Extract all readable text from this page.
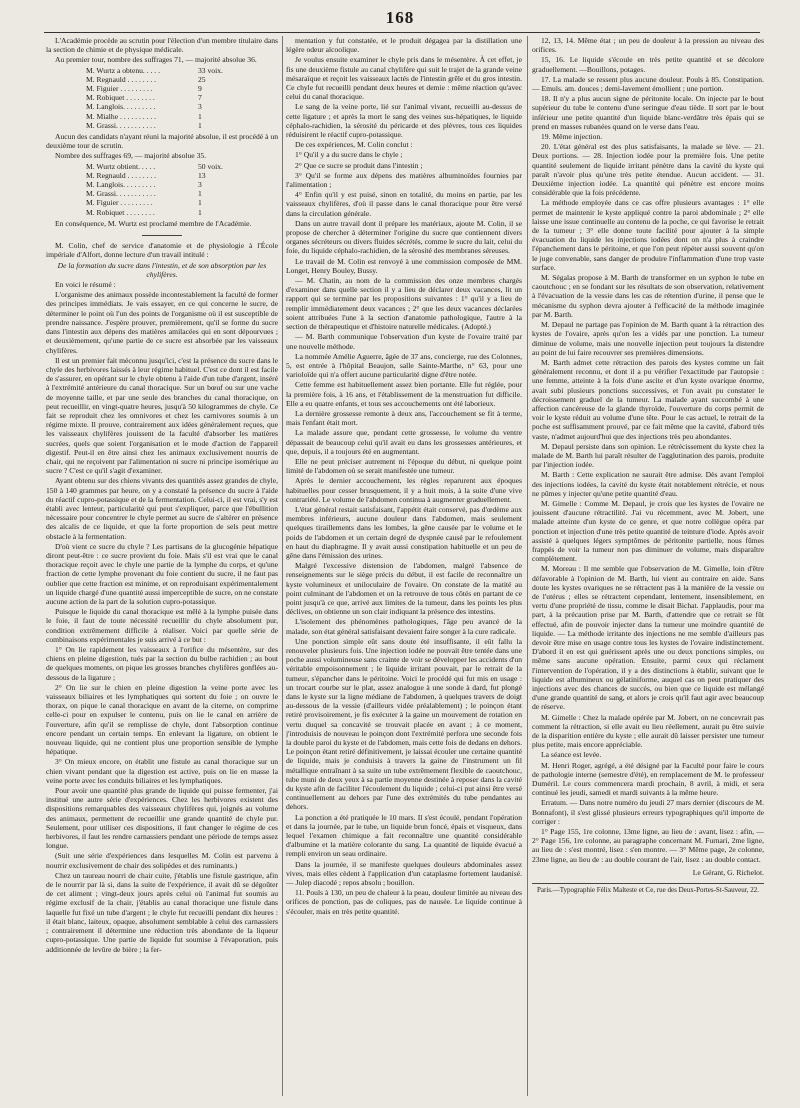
168

L'Académie procède au scrutin pour l'élection d'un membre titulaire dans la section de chimie et de physique médicale.

Au premier tour, nombre des suffrages 71, — majorité absolue 36.

M. Wurtz a obtenu. . . . .	33 voix.
M. Regnauld . . . . . . . .	25
M. Figuier . . . . . . . . .	9
M. Robiquet . . . . . . . .	7
M. Langlois. . . . . . . . .	3
M. Mialhe . . . . . . . . . .	1
M. Grassi. . . . . . . . . . .	1

Aucun des candidats n'ayant réuni la majorité absolue, il est procédé à un deuxième tour de scrutin.

Nombre des suffrages 69, — majorité absolue 35.

M. Wurtz obtient. . . . .	50 voix.
M. Regnauld . . . . . . . .	13
M. Langlois. . . . . . . . .	3
M. Grassi. . . . . . . . . . .	1
M. Figuier . . . . . . . . .	1
M. Robiquet . . . . . . . .	1

En conséquence, M. Wurtz est proclamé membre de l'Académie.

M. Colin, chef de service d'anatomie et de physiologie à l'École impériale d'Alfort, donne lecture d'un travail intitulé :

De la formation du sucre dans l'intestin, et de son absorption par les chylifères.

En voici le résumé :

L'organisme des animaux possède incontestablement la faculté de former des principes immédiats. Je vais essayer, en ce qui concerne le sucre, de déterminer le point où l'un des points de l'organisme où il est susceptible de prendre naissance. J'espère prouver, premièrement, qu'il se forme du sucre dans l'intestin aux dépens des matières amilacées qui en sont dépourvues ; et deuxièmement, qu'une partie de ce sucre est absorbée par les vaisseaux chylifères.

Il est un premier fait méconnu jusqu'ici, c'est la présence du sucre dans le chyle des herbivores laissés à leur régime habituel. C'est ce dont il est facile de s'assurer, en opérant sur le chyle obtenu à l'aide d'un tube d'argent, inséré à l'extrémité antérieure du canal thoracique. Sur un bœuf ou sur une vache de moyenne taille, et par une seule des branches du canal thoracique, on peut recueillir, en vingt-quatre heures, jusqu'à 50 kilogrammes de chyle. Ce fait se reproduit chez les omnivores et chez les carnivores soumis à un régime mixte. Il prouve, contrairement aux idées généralement reçues, que les vaisseaux chylifères jouissent de la faculté d'absorber les matières sucrées, quels que soient l'organisation et le mode d'action de l'appareil digestif. Peut-il en être ainsi chez les animaux exclusivement nourris de chair, qui ne reçoivent par l'alimentation ni sucre ni principe isomérique au sucre ? C'est ce qu'il s'agit d'examiner.

Ayant obtenu sur des chiens vivants des quantités assez grandes de chyle, 150 à 140 grammes par heure, on y a constaté la présence du sucre à l'aide du réactif cupro-potassique et de la fermentation. Celui-ci, il est vrai, s'y est établi avec lenteur, particularité qui peut s'expliquer, parce que l'ébullition nécessaire pour concentrer le chyle permet au sucre de s'altérer en présence des alcalis de ce liquide, et que la forte proportion de sels peut mettre obstacle à la fermentation.

D'où vient ce sucre du chyle ? Les partisans de la glucogénie hépatique diront peut-être : ce sucre provient du foie. Mais s'il est vrai que le canal thoracique reçoit avec le chyle une partie de la lymphe du corps, et qu'une fraction de cette lymphe provenant du foie contient du sucre, il ne faut pas oublier que cette fraction est minime, et on reproduisant expérimentalement un liquide chargé d'une quantité aussi imperceptible de sucre, on ne constate aucune action de la part de la solution cupro-potassique.

Puisque le liquide du canal thoracique est mêlé à la lymphe puisée dans le foie, il faut de toute nécessité recueillir du chyle absolument pur, condition extrêmement difficile à réaliser. Voici par quelle série de combinaisons expérimentales je suis arrivé à ce but :

1° On lie rapidement les vaisseaux à l'orifice du mésentère, sur des chiens en pleine digestion, tués par la section du bulbe rachidien ; au bout de quelques moments, on pique les grosses branches chylifères gonflées au-dessous de la ligature ;

2° On lie sur le chien en pleine digestion la veine porte avec les vaisseaux biliaires et les lymphatiques qui sortent du foie ; on ouvre le thorax, on pique le canal thoracique en avant de la citerne, on comprime celle-ci pour en expulser le contenu, puis on lie le canal en arrière de l'ouverture, afin qu'il se remplisse de chyle, dont l'absorption continue encore pendant un certain temps. En enlevant la ligature, on obtient le nouveau liquide, qui ne contient plus une proportion sensible de lymphe hépatique.

3° On mieux encore, on établit une fistule au canal thoracique sur un chien vivant pendant que la digestion est active, puis on lie en masse la veine porte avec les conduits biliaires et les lymphatiques.

Pour avoir une quantité plus grande de liquide qui puisse fermenter, j'ai institué une autre série d'expériences. Chez les herbivores existent des dispositions remarquables des vaisseaux chylifères qui, joignés au volume des animaux, permettent de recueillir une grande quantité de chyle pur. Seulement, pour utiliser ces dispositions, il faut changer le régime de ces herbivores, il faut les rendre carnassiers pendant une période de temps assez longue.

(Suit une série d'expériences dans lesquelles M. Colin est parvenu à nourrir exclusivement de chair des solipèdes et des ruminants.)

Chez un taureau nourri de chair cuite, j'établis une fistule gastrique, afin de le nourrir par là si, dans la suite de l'expérience, il avait dû se dégoûter de cet aliment ; vingt-deux jours après celui où l'animal fut soumis au régime exclusif de la chair, j'établis au canal thoracique une fistule dans laquelle fut fixé un tube d'argent ; le chyle fut recueilli pendant dix heures : il était blanc, laiteux, opaque, absolument semblable à celui des carnassiers ; contrairement il détermine une réduction très abondante de la liqueur cupro-potassique. Une partie de liquide fut soumise à l'évaporation, puis additionnée de levûre de bière ; la fer-

mentation y fut constatée, et le produit dégagea par la distillation une légère odeur alcoolique.

Je voulus ensuite examiner le chyle pris dans le mésentère. À cet effet, je fis une deuxième fistule au canal chylifère qui suit le trajet de la grande veine mésaraïque et reçoit les vaisseaux lactés de l'intestin grêle et du gros intestin. Ce chyle fut recueilli pendant deux heures et demie : même réaction qu'avec celui du canal thoracique.

Le sang de la veine porte, lié sur l'animal vivant, recueilli au-dessus de cette ligature ; et après la mort le sang des veines sus-hépatiques, le liquide céphalo-rachidien, la sérosité du péricarde et des plèvres, tous ces liquides réduisirent le réactif cupro-potassique.

De ces expériences, M. Colin conclut :

1° Qu'il y a du sucre dans le chyle ;

2° Que ce sucre se produit dans l'intestin ;

3° Qu'il se forme aux dépens des matières albuminoïdes fournies par l'alimentation ;

4° Enfin qu'il y est puisé, sinon en totalité, du moins en partie, par les vaisseaux chylifères, d'où il passe dans le canal thoracique pour être versé dans la circulation générale.

Dans un autre travail dont il prépare les matériaux, ajoute M. Colin, il se propose de chercher à déterminer l'origine du sucre que contiennent divers organes sécréteurs ou divers fluides sécrétés, comme le sucre du lait, celui du foie, du liquide céphalo-rachidien, de la sérosité des membranes séreuses.

Le travail de M. Colin est renvoyé à une commission composée de MM. Longet, Henry Bouley, Bussy.

— M. Chatin, au nom de la commission des onze membres chargés d'examiner dans quelle section il y a lieu de déclarer deux vacances, lit un rapport qui se termine par les propositions suivantes : 1° qu'il y a lieu de remplir immédiatement deux vacances ; 2° que les deux vacances déclarées soient attribuées l'une à la section d'anatomie pathologique, l'autre à la section de thérapeutique et d'histoire naturelle médicales. (Adopté.)

— M. Barth communique l'observation d'un kyste de l'ovaire traité par une nouvelle méthode.

La nommée Amélie Aguerre, âgée de 37 ans, concierge, rue des Colonnes, 5, est entrée à l'hôpital Beaujon, salle Sainte-Marthe, n° 63, pour une varioloïde qui n'a offert aucune particularité digne d'être notée.

Cette femme est habituellement assez bien portante. Elle fut réglée, pour la première fois, à 16 ans, et l'établissement de la menstruation fut difficile. Elle a eu quatre enfants, et tous ses accouchements ont été laborieux.

La dernière grossesse remonte à deux ans, l'accouchement se fit à terme, mais l'enfant était mort.

La malade assure que, pendant cette grossesse, le volume du ventre dépassait de beaucoup celui qu'il avait eu dans les grossesses antérieures, et que, depuis, il a toujours été en augmentant.

Elle ne peut préciser autrement ni l'époque du début, ni quelque point limité de l'abdomen où se serait manifestée une tumeur.

Après le dernier accouchement, les règles reparurent aux époques habituelles pour cesser brusquement, il y a huit mois, à la suite d'une vive contrariété. Le volume de l'abdomen continua à augmenter graduellement.

L'état général restait satisfaisant, l'appétit était conservé, pas d'œdème aux membres inférieurs, aucune douleur dans l'abdomen, mais seulement quelques tiraillements dans les lombes, la gêne causée par le volume et le poids de l'abdomen et un certain degré de dyspnée causé par le refoulement en haut du diaphragme. Il y avait aussi constipation habituelle et un peu de gêne dans l'émission des urines.

Malgré l'excessive distension de l'abdomen, malgré l'absence de renseignements sur le siège précis du début, il est facile de reconnaître un kyste volumineux et uniloculaire de l'ovaire. On constate de la matité au point culminant de l'abdomen et on la retrouve de tous côtés en partant de ce point jusqu'à ce que, arrivé aux limites de la tumeur, dans les points les plus déclives, on obtienne un son clair indiquant la présence des intestins.

L'isolement des phénomènes pathologiques, l'âge peu avancé de la malade, son état général satisfaisant devaient faire songer à la cure radicale.

Une ponction simple eût sans doute été insuffisante, il eût fallu la renouveler plusieurs fois. Une injection iodée ne pouvait être tentée dans une poche aussi volumineuse sans crainte de voir se développer les accidents d'un véritable empoisonnement ; le liquide irritant pouvait, par le retrait de la tumeur, s'épancher dans le péritoine. Voici le procédé qui fut mis en usage : un trocart courbe sur le plat, assez analogue à une sonde à dard, fut plongé dans le kyste sur la ligne médiane de l'abdomen, à quelques travers de doigt au-dessous de la vessie (d'ailleurs vidée préalablement) ; le poinçon étant retiré provisoirement, je fis exécuter à la gaine un mouvement de rotation en vertu duquel sa concavité se trouvait placée en avant ; à ce moment, j'introduisis de nouveau le poinçon dont l'extrémité perfora une seconde fois la double paroi du kyste et de l'abdomen, mais cette fois de dedans en dehors. Le poinçon étant retiré définitivement, je laissai écouler une certaine quantité de liquide, mais je conduisis à travers la gaine de l'instrument un fil métallique entraînant à sa suite un tube extrêmement flexible de caoutchouc, tube muni de deux yeux à sa partie moyenne destinée à reposer dans la cavité du kyste afin de faciliter l'écoulement du liquide ; celui-ci put ainsi être versé continuellement au dehors par l'une des extrémités du tube pendantes au dehors.

La ponction a été pratiquée le 10 mars. Il s'est écoulé, pendant l'opération et dans la journée, par le tube, un liquide brun foncé, épais et visqueux, dans lequel l'examen chimique a fait reconnaître une quantité considérable d'albumine et la matière colorante du sang. La quantité de liquide évacué a rempli environ un seau ordinaire.

Dans la journée, il se manifeste quelques douleurs abdominales assez vives, mais elles cèdent à l'application d'un cataplasme fortement laudanisé. — Julep diacodé ; repos absolu ; bouillon.

11. Pouls à 130, un peu de chaleur à la peau, douleur limitée au niveau des orifices de ponction, pas de coliques, pas de nausée. Le liquide continue à s'écouler, mais en très petite quantité.

12, 13, 14. Même état ; un peu de douleur à la pression au niveau des orifices.

15, 16. Le liquide s'écoule en très petite quantité et se décolore graduellement. —Bouillons, potages.

17. La malade se ressent plus aucune douleur. Pouls à 85. Constipation. — Emuls. am. douces ; demi-lavement émollient ; une portion.

18. Il n'y a plus aucun signe de péritonite locale. On injecte par le bout supérieur du tube le contenu d'une seringue d'eau tiède. Il sort par le bout inférieur une petite quantité d'un liquide blanc-verdâtre très épais qui se prend en masses rubanées quand on le verse dans l'eau.

19. Même injection.

20. L'état général est des plus satisfaisants, la malade se lève. — 21. Deux portions. — 28. Injection iodée pour la première fois. Une petite quantité seulement de liquide irritant pénètre dans la cavité du kyste qui paraît n'avoir plus qu'une très petite étendue. Aucun accident. — 31. Deuxième injection iodée. La quantité qui pénètre est encore moins considérable que la fois précédente.

La méthode employée dans ce cas offre plusieurs avantages : 1° elle permet de maintenir le kyste appliqué contre la paroi abdominale ; 2° elle laisse une issue continuelle au contenu de la poche, ce qui favorise le retrait de la tumeur ; 3° elle donne toute facilité pour ajouter à la simple évacuation du liquide les injections iodées dont on n'a plus à craindre l'épanchement dans le péritoine, et que l'on peut répéter aussi souvent qu'on le juge convenable, sans danger de produire l'inflammation d'une trop vaste surface.

M. Ségalas propose à M. Barth de transformer en un syphon le tube en caoutchouc ; en se fondant sur les résultats de son observation, relativement à l'évacuation de la vessie dans les cas de rétention d'urine, il pense que le mécanisme du syphon devra ajouter à l'efficacité de la méthode imaginée par M. Barth.

M. Depaul ne partage pas l'opinion de M. Barth quant à la rétraction des kystes de l'ovaire, après qu'on les a vidés par une ponction. La tumeur diminue de volume, mais une nouvelle injection peut toujours la distendre au point de lui faire recouvrer ses premières dimensions.

M. Barth admet cette rétraction des parois des kystes comme un fait généralement reconnu, et dont il a pu vérifier l'exactitude par l'autopsie : une femme, atteinte à la fois d'une ascite et d'un kyste ovarique énorme, avait subi plusieurs ponctions successives, et l'on avait pu constater le décroissement graduel de la tumeur. La malade ayant succombé à une affection cancéreuse de la glande thyroïde, l'ouverture du corps permit de voir le kyste réduit au volume d'une tête. Pour le cas actuel, le retrait de la poche est suffisamment prouvé, par ce fait même que la cavité, d'abord très vaste, n'admet aujourd'hui que des injections très peu abondantes.

M. Depaul persiste dans son opinion. Le rétrécissement du kyste chez la malade de M. Barth lui paraît résulter de l'agglutination des parois, produite par l'injection iodée.

M. Barth : Cette explication ne saurait être admise. Dès avant l'emploi des injections iodées, la cavité du kyste était notablement rétrécie, et nous ne pûmes y injecter qu'une petite quantité d'eau.

M. Gimelle : Comme M. Depaul, je crois que les kystes de l'ovaire ne jouissent d'aucune rétractilité. J'ai vu récemment, avec M. Jobert, une malade atteinte d'un kyste de ce genre, et que notre collègue opéra par ponction et injection d'une très petite quantité de teinture d'iode. Après avoir assisté à quelques légers symptômes de péritonite partielle, nous fûmes frappés de voir la tumeur non pas diminuer de volume, mais disparaître complètement.

M. Moreau : Il me semble que l'observation de M. Gimelle, loin d'être défavorable à l'opinion de M. Barth, lui vient au contraire en aide. Sans doute les kystes ovariques ne se rétractent pas à la manière de la vessie ou de l'utérus ; elles se rétractent cependant, lentement, insensiblement, en vertu d'une propriété de tissu, comme le disait Bichat. J'applaudis, pour ma part, à la précaution prise par M. Barth, d'attendre que ce retrait se fût effectué, afin de pouvoir injecter dans la tumeur une moindre quantité de liquide. — La méthode irritante des injections ne me semble d'ailleurs pas devoir être mise en usage contre tous les kystes de l'ovaire indistinctement. D'abord il en est qui guérissent après une ou deux ponctions simples, ou même sans aucune opération. Ensuite, parmi ceux qui réclament l'intervention de l'opération, il y a des distinctions à établir, suivant que le liquide est albumineux ou gélatiniforme, auquel cas on peut pratiquer des injections avec des chances de succès, ou bien que ce liquide est mélangé d'une grande quantité de sang, et alors je crois qu'il faut agir avec beaucoup de réserve.

M. Gimelle : Chez la malade opérée par M. Jobert, on ne concevrait pas comment la rétraction, si elle avait eu lieu réellement, aurait pu être suivie de la disparition entière du kyste ; elle aurait dû laisser persister une tumeur plus petite, mais encore appréciable.

La séance est levée.

M. Henri Roger, agrégé, a été désigné par la Faculté pour faire le cours de pathologie interne (semestre d'été), en remplacement de M. le professeur Duméril. Le cours commencera mardi prochain, 8 avril, à midi, et sera continué les jeudi, samedi et mardi suivants à la même heure.

Erratum. — Dans notre numéro du jeudi 27 mars dernier (discours de M. Bonnafont), il s'est glissé plusieurs erreurs typographiques qu'il importe de corriger :

1° Page 155, 1re colonne, 13me ligne, au lieu de : avant, lisez : afin, — 2° Page 156, 1re colonne, au paragraphe concernant M. Furnari, 2me ligne, au lieu de : s'est montré, lisez : s'en montre. — 3° Même page, 2e colonne, 23me ligne, au lieu de : au double courant de l'air, lisez : au double contact.

Le Gérant, G. Richelot.
Paris.—Typographie Félix Malteste et Ce, rue des Deux-Portes-St-Sauveur, 22.
